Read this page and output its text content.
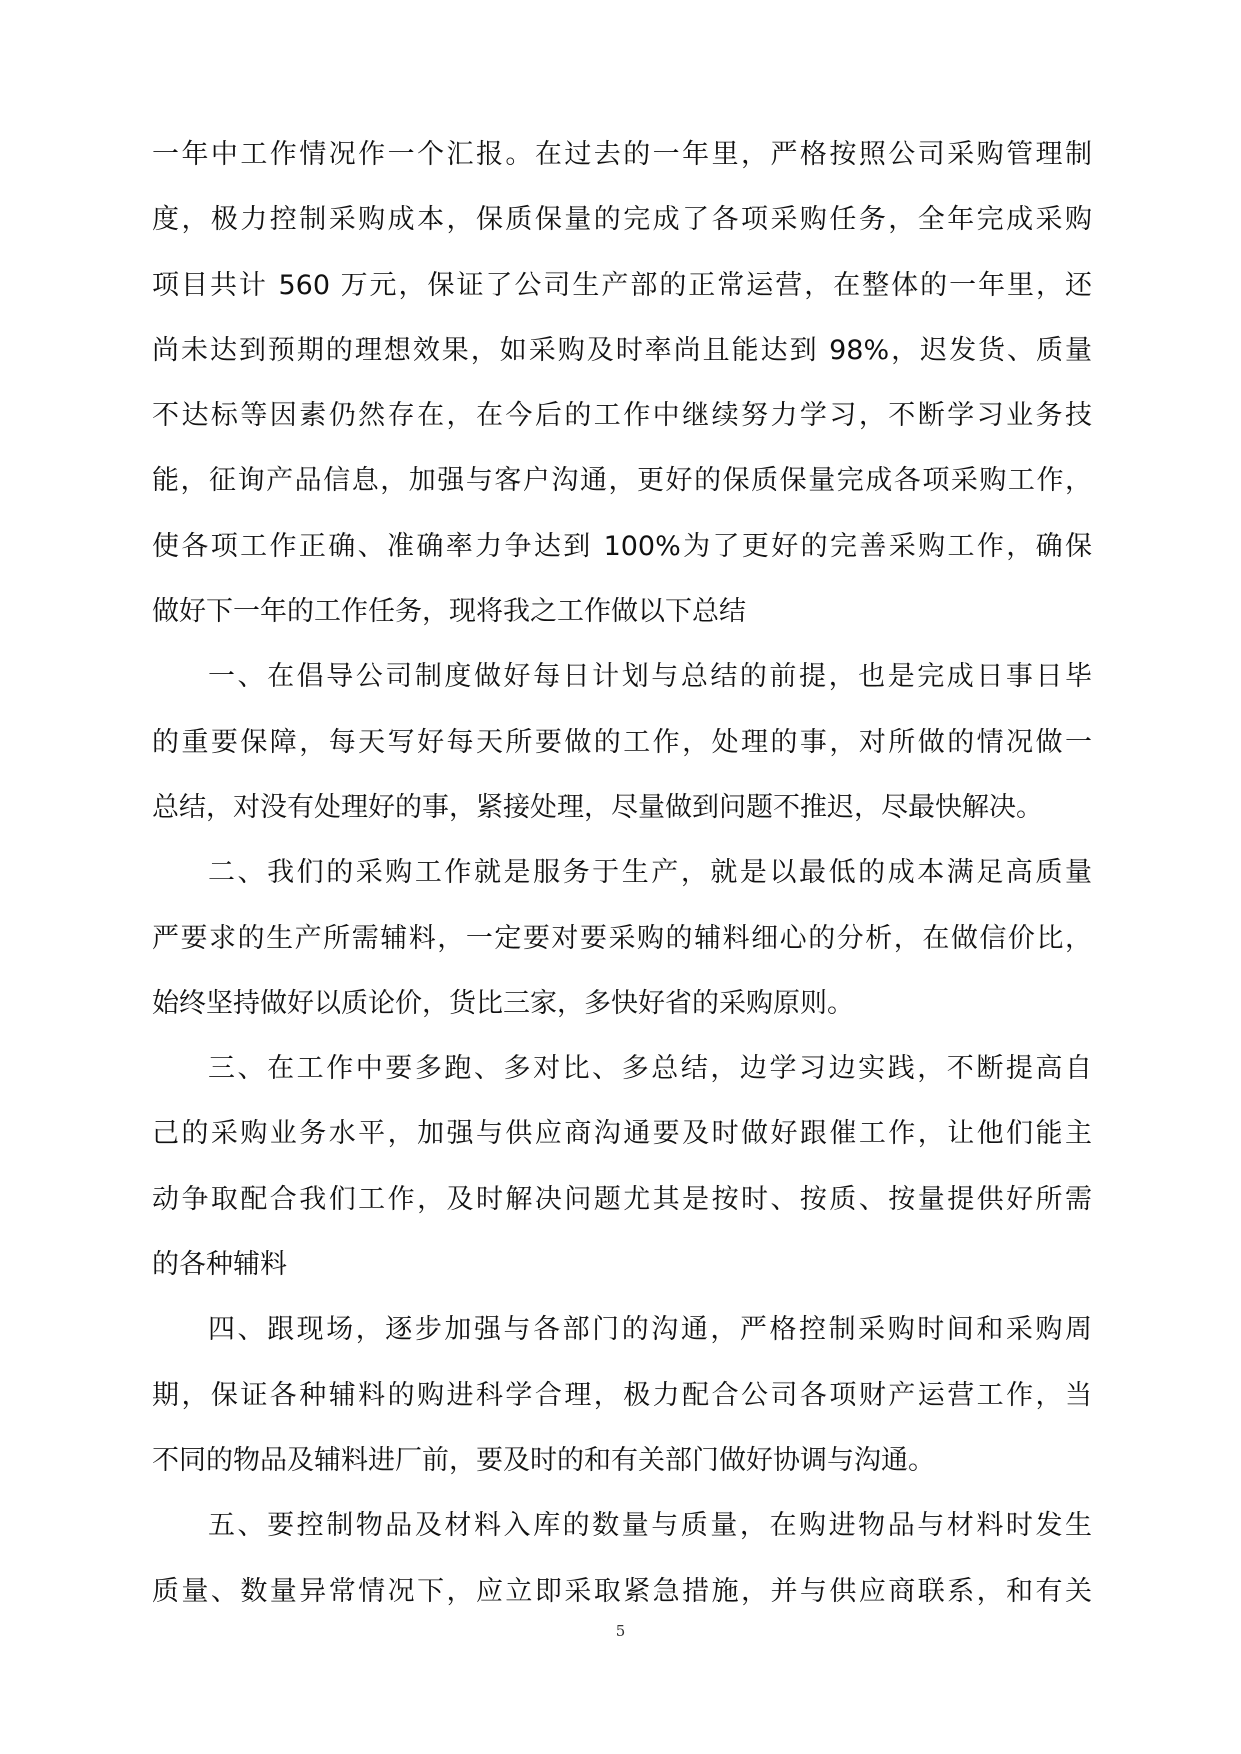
一年中工作情况作一个汇报。在过去的一年里，严格按照公司采购管理制
度，极力控制采购成本，保质保量的完成了各项采购任务，全年完成采购
项目共计 560 万元，保证了公司生产部的正常运营，在整体的一年里，还
尚未达到预期的理想效果，如采购及时率尚且能达到 98%，迟发货、质量
不达标等因素仍然存在，在今后的工作中继续努力学习，不断学习业务技
能，征询产品信息，加强与客户沟通，更好的保质保量完成各项采购工作，
使各项工作正确、准确率力争达到 100%为了更好的完善采购工作，确保
做好下一年的工作任务，现将我之工作做以下总结
一、在倡导公司制度做好每日计划与总结的前提，也是完成日事日毕
的重要保障，每天写好每天所要做的工作，处理的事，对所做的情况做一
总结，对没有处理好的事，紧接处理，尽量做到问题不推迟，尽最快解决。
二、我们的采购工作就是服务于生产，就是以最低的成本满足高质量
严要求的生产所需辅料，一定要对要采购的辅料细心的分析，在做信价比，
始终坚持做好以质论价，货比三家，多快好省的采购原则。
三、在工作中要多跑、多对比、多总结，边学习边实践，不断提高自
己的采购业务水平，加强与供应商沟通要及时做好跟催工作，让他们能主
动争取配合我们工作，及时解决问题尤其是按时、按质、按量提供好所需
的各种辅料
四、跟现场，逐步加强与各部门的沟通，严格控制采购时间和采购周
期，保证各种辅料的购进科学合理，极力配合公司各项财产运营工作，当
不同的物品及辅料进厂前，要及时的和有关部门做好协调与沟通。
五、要控制物品及材料入库的数量与质量，在购进物品与材料时发生
质量、数量异常情况下，应立即采取紧急措施，并与供应商联系，和有关
5
